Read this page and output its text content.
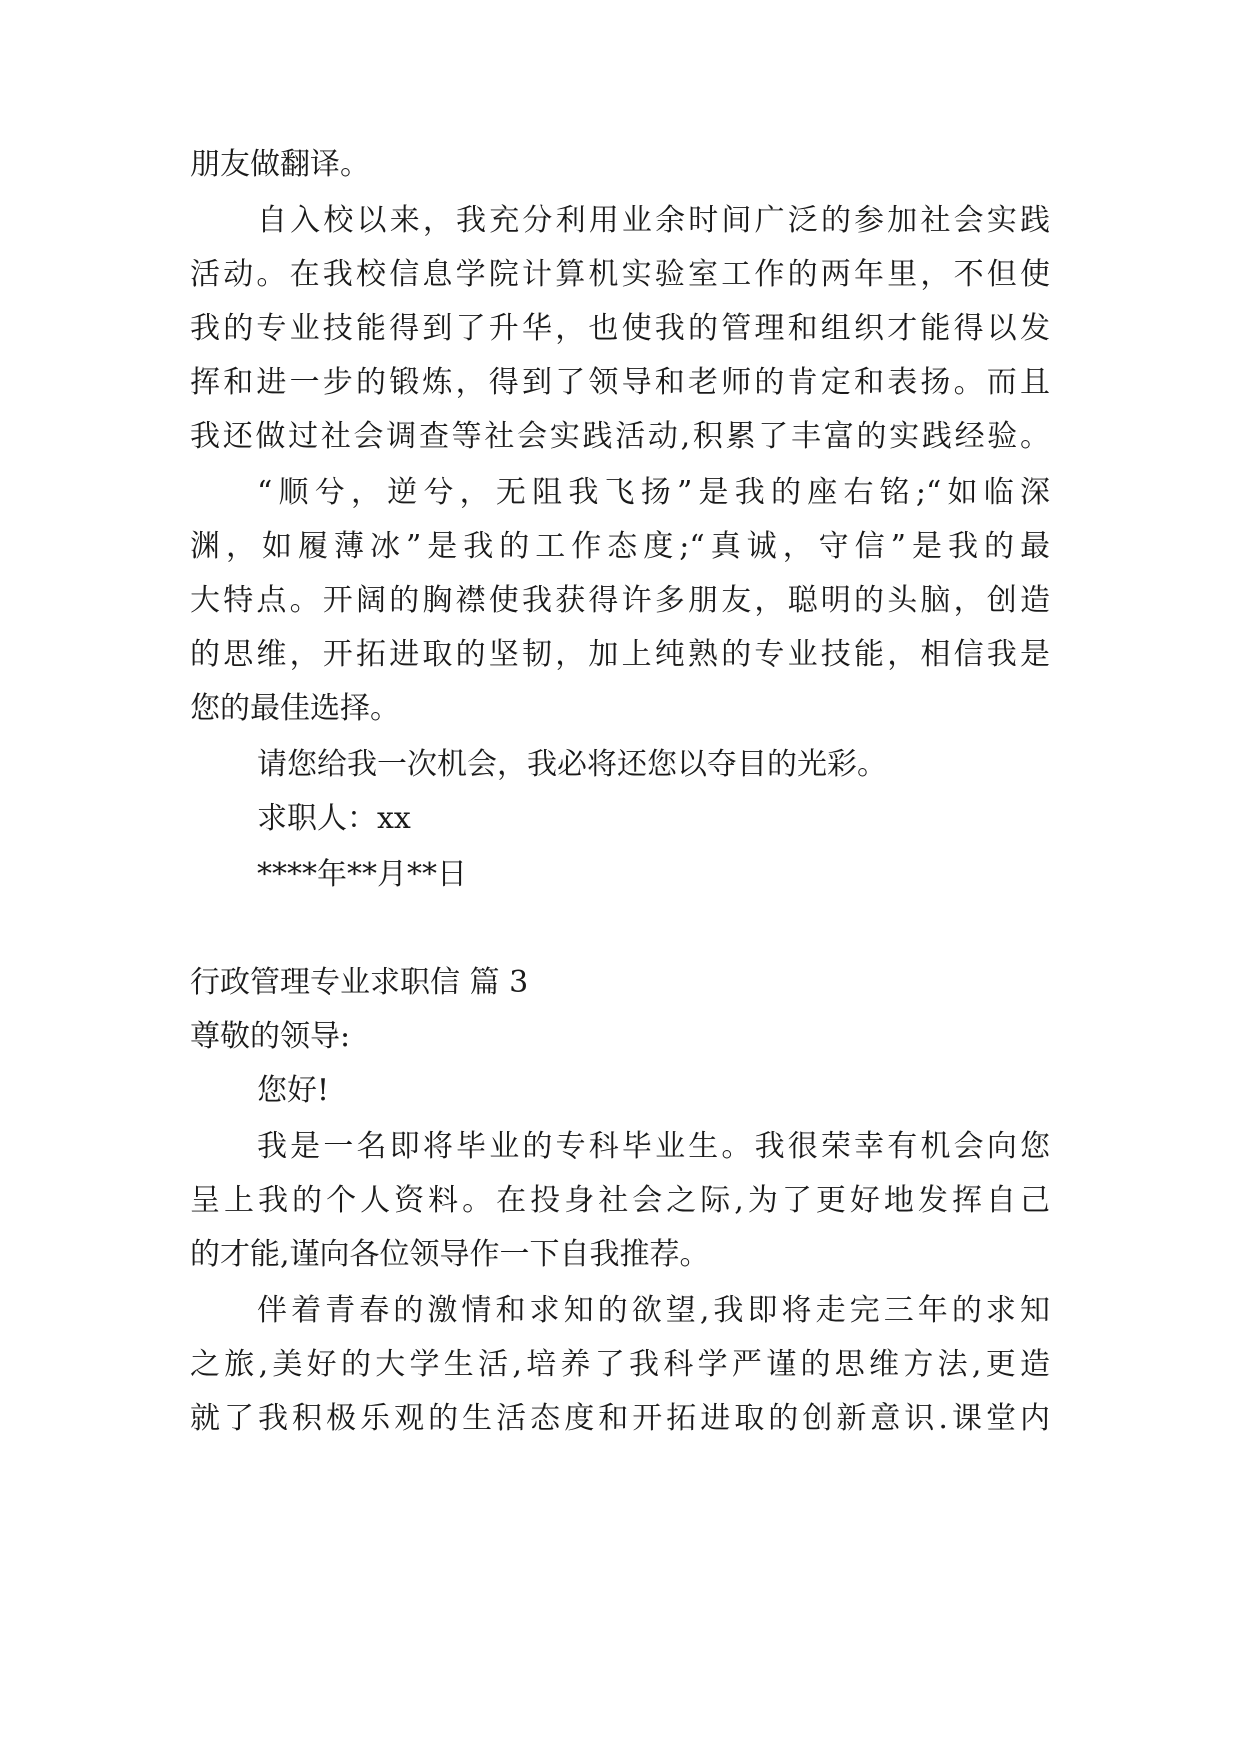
朋友做翻译。
自入校以来，我充分利用业余时间广泛的参加社会实践
活动。在我校信息学院计算机实验室工作的两年里，不但使
我的专业技能得到了升华，也使我的管理和组织才能得以发
挥和进一步的锻炼，得到了领导和老师的肯定和表扬。而且
我还做过社会调查等社会实践活动,积累了丰富的实践经验。
“顺兮，逆兮，无阻我飞扬”是我的座右铭;“如临深
渊，如履薄冰”是我的工作态度;“真诚，守信”是我的最
大特点。开阔的胸襟使我获得许多朋友，聪明的头脑，创造
的思维，开拓进取的坚韧，加上纯熟的专业技能，相信我是
您的最佳选择。
请您给我一次机会，我必将还您以夺目的光彩。
求职人：xx
****年**月**日
行政管理专业求职信 篇 3
尊敬的领导:
您好!
我是一名即将毕业的专科毕业生。我很荣幸有机会向您
呈上我的个人资料。在投身社会之际,为了更好地发挥自己
的才能,谨向各位领导作一下自我推荐。
伴着青春的激情和求知的欲望,我即将走完三年的求知
之旅,美好的大学生活,培养了我科学严谨的思维方法,更造
就了我积极乐观的生活态度和开拓进取的创新意识.课堂内
